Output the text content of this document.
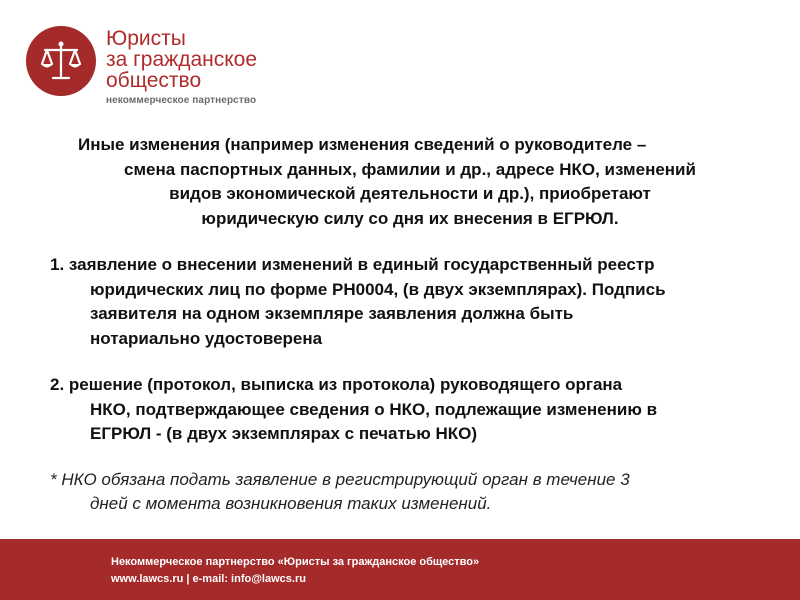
Юристы
за гражданское
общество
некоммерческое партнерство
Иные изменения (например изменения сведений о руководителе –
смена паспортных данных, фамилии и др., адресе НКО, изменений
видов экономической деятельности и др.), приобретают
юридическую силу со дня их внесения в ЕГРЮЛ.
1. заявление о внесении изменений в единый государственный реестр
юридических лиц по форме РН0004, (в двух экземплярах). Подпись
заявителя на одном экземпляре заявления должна быть
нотариально удостоверена
2. решение (протокол, выписка из протокола) руководящего органа
НКО, подтверждающее сведения о НКО, подлежащие изменению в
ЕГРЮЛ - (в двух экземплярах с печатью НКО)
* НКО обязана подать заявление в регистрирующий орган в течение 3
дней с момента возникновения таких изменений.
Некоммерческое партнерство «Юристы за гражданское общество»
www.lawcs.ru | e-mail: info@lawcs.ru
